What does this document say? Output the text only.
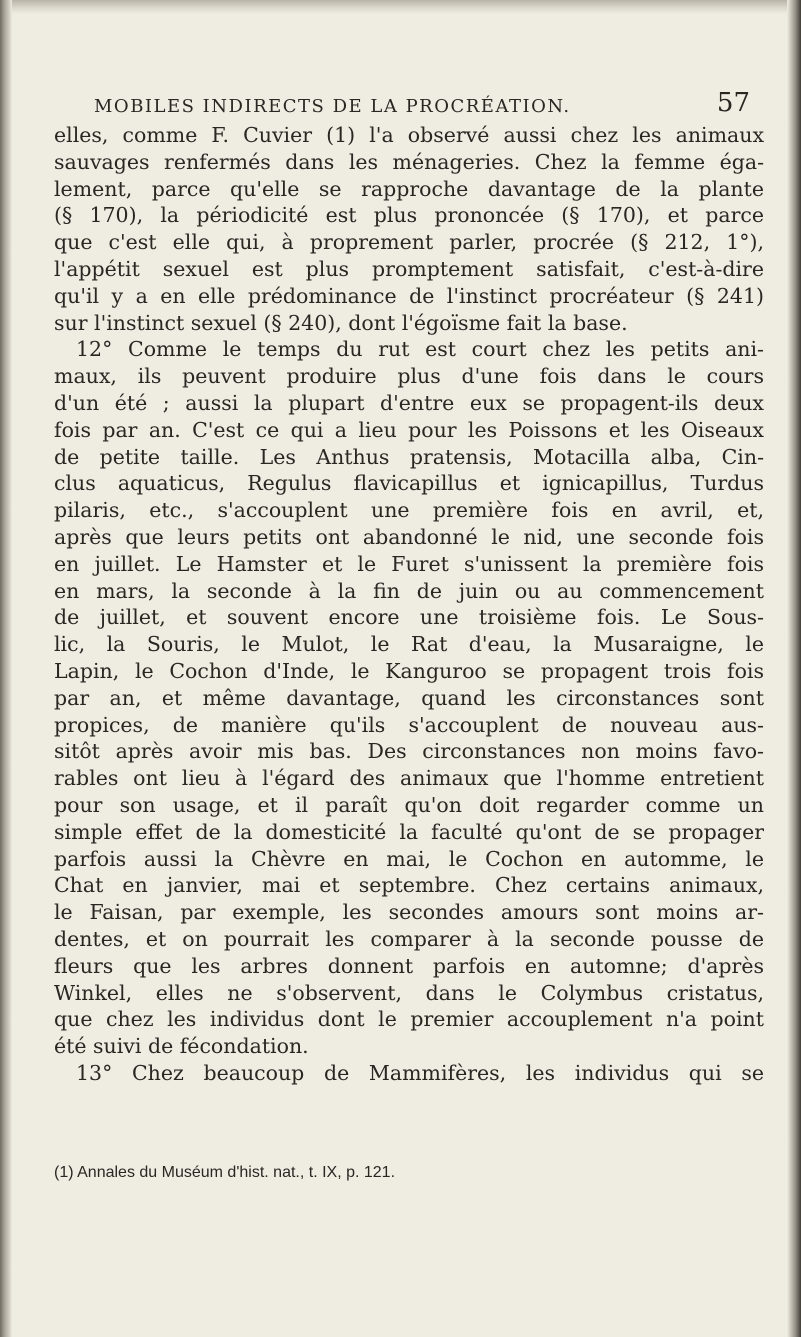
MOBILES INDIRECTS DE LA PROCRÉATION.	57
elles, comme F. Cuvier (1) l'a observé aussi chez les animaux
sauvages renfermés dans les ménageries. Chez la femme éga-
lement, parce qu'elle se rapproche davantage de la plante
(§ 170), la périodicité est plus prononcée (§ 170), et parce
que c'est elle qui, à proprement parler, procrée (§ 212, 1°),
l'appétit sexuel est plus promptement satisfait, c'est-à-dire
qu'il y a en elle prédominance de l'instinct procréateur (§ 241)
sur l'instinct sexuel (§ 240), dont l'égoïsme fait la base.
12° Comme le temps du rut est court chez les petits ani-
maux, ils peuvent produire plus d'une fois dans le cours
d'un été ; aussi la plupart d'entre eux se propagent-ils deux
fois par an. C'est ce qui a lieu pour les Poissons et les Oiseaux
de petite taille. Les Anthus pratensis, Motacilla alba, Cin-
clus aquaticus, Regulus flavicapillus et ignicapillus, Turdus
pilaris, etc., s'accouplent une première fois en avril, et,
après que leurs petits ont abandonné le nid, une seconde fois
en juillet. Le Hamster et le Furet s'unissent la première fois
en mars, la seconde à la fin de juin ou au commencement
de juillet, et souvent encore une troisième fois. Le Sous-
lic, la Souris, le Mulot, le Rat d'eau, la Musaraigne, le
Lapin, le Cochon d'Inde, le Kanguroo se propagent trois fois
par an, et même davantage, quand les circonstances sont
propices, de manière qu'ils s'accouplent de nouveau aus-
sitôt après avoir mis bas. Des circonstances non moins favo-
rables ont lieu à l'égard des animaux que l'homme entretient
pour son usage, et il paraît qu'on doit regarder comme un
simple effet de la domesticité la faculté qu'ont de se propager
parfois aussi la Chèvre en mai, le Cochon en automme, le
Chat en janvier, mai et septembre. Chez certains animaux,
le Faisan, par exemple, les secondes amours sont moins ar-
dentes, et on pourrait les comparer à la seconde pousse de
fleurs que les arbres donnent parfois en automne; d'après
Winkel, elles ne s'observent, dans le Colymbus cristatus,
que chez les individus dont le premier accouplement n'a point
été suivi de fécondation.
13° Chez beaucoup de Mammifères, les individus qui se
(1) Annales du Muséum d'hist. nat., t. IX, p. 121.
